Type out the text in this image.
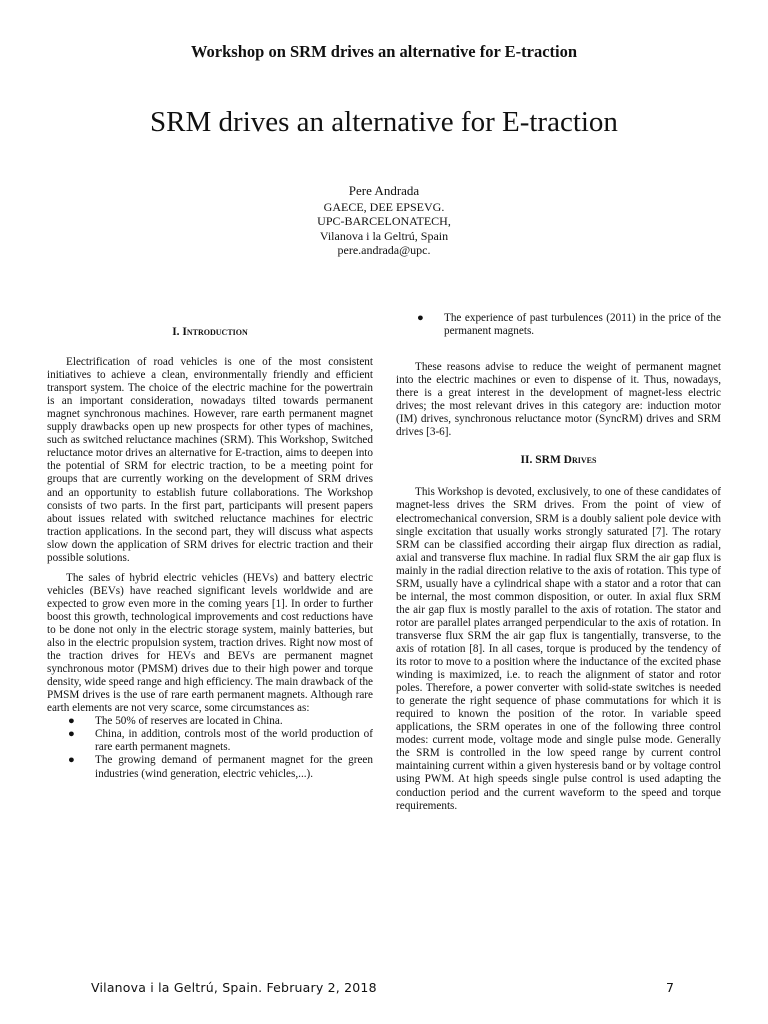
Workshop on SRM drives an alternative for E-traction
SRM drives an alternative for E-traction
Pere Andrada
GAECE, DEE EPSEVG.
UPC-BARCELONATECH,
Vilanova i la Geltrú, Spain
pere.andrada@upc.
I. Introduction

Electrification of road vehicles is one of the most consistent initiatives to achieve a clean, environmentally friendly and efficient transport system. The choice of the electric machine for the powertrain is an important consideration, nowadays tilted towards permanent magnet synchronous machines. However, rare earth permanent magnet supply drawbacks open up new prospects for other types of machines, such as switched reluctance machines (SRM). This Workshop, Switched reluctance motor drives an alternative for E-traction, aims to deepen into the potential of SRM for electric traction, to be a meeting point for groups that are currently working on the development of SRM drives and an opportunity to establish future collaborations. The Workshop consists of two parts. In the first part, participants will present papers about issues related with switched reluctance machines for electric traction applications. In the second part, they will discuss what aspects slow down the application of SRM drives for electric traction and their possible solutions.

The sales of hybrid electric vehicles (HEVs) and battery electric vehicles (BEVs) have reached significant levels worldwide and are expected to grow even more in the coming years [1]. In order to further boost this growth, technological improvements and cost reductions have to be done not only in the electric storage system, mainly batteries, but also in the electric propulsion system, traction drives. Right now most of the traction drives for HEVs and BEVs are permanent magnet synchronous motor (PMSM) drives due to their high power and torque density, wide speed range and high efficiency. The main drawback of the PMSM drives is the use of rare earth permanent magnets. Although rare earth elements are not very scarce, some circumstances as:

● The 50% of reserves are located in China.
● China, in addition, controls most of the world production of rare earth permanent magnets.
● The growing demand of permanent magnet for the green industries (wind generation, electric vehicles,...).
● The experience of past turbulences (2011) in the price of the permanent magnets.

These reasons advise to reduce the weight of permanent magnet into the electric machines or even to dispense of it. Thus, nowadays, there is a great interest in the development of magnet-less electric drives; the most relevant drives in this category are: induction motor (IM) drives, synchronous reluctance motor (SyncRM) drives and SRM drives [3-6].

II. SRM Drives

This Workshop is devoted, exclusively, to one of these candidates of magnet-less drives the SRM drives. From the point of view of electromechanical conversion, SRM is a doubly salient pole device with single excitation that usually works strongly saturated [7]. The rotary SRM can be classified according their airgap flux direction as radial, axial and transverse flux machine. In radial flux SRM the air gap flux is mainly in the radial direction relative to the axis of rotation. This type of SRM, usually have a cylindrical shape with a stator and a rotor that can be internal, the most common disposition, or outer. In axial flux SRM the air gap flux is mostly parallel to the axis of rotation. The stator and rotor are parallel plates arranged perpendicular to the axis of rotation. In transverse flux SRM the air gap flux is tangentially, transverse, to the axis of rotation [8]. In all cases, torque is produced by the tendency of its rotor to move to a position where the inductance of the excited phase winding is maximized, i.e. to reach the alignment of stator and rotor poles. Therefore, a power converter with solid-state switches is needed to generate the right sequence of phase commutations for which it is required to known the position of the rotor. In variable speed applications, the SRM operates in one of the following three control modes: current mode, voltage mode and single pulse mode. Generally the SRM is controlled in the low speed range by current control maintaining current within a given hysteresis band or by voltage control using PWM. At high speeds single pulse control is used adapting the conduction period and the current waveform to the speed and torque requirements.

Vilanova i la Geltrú, Spain. February 2, 2018	7
